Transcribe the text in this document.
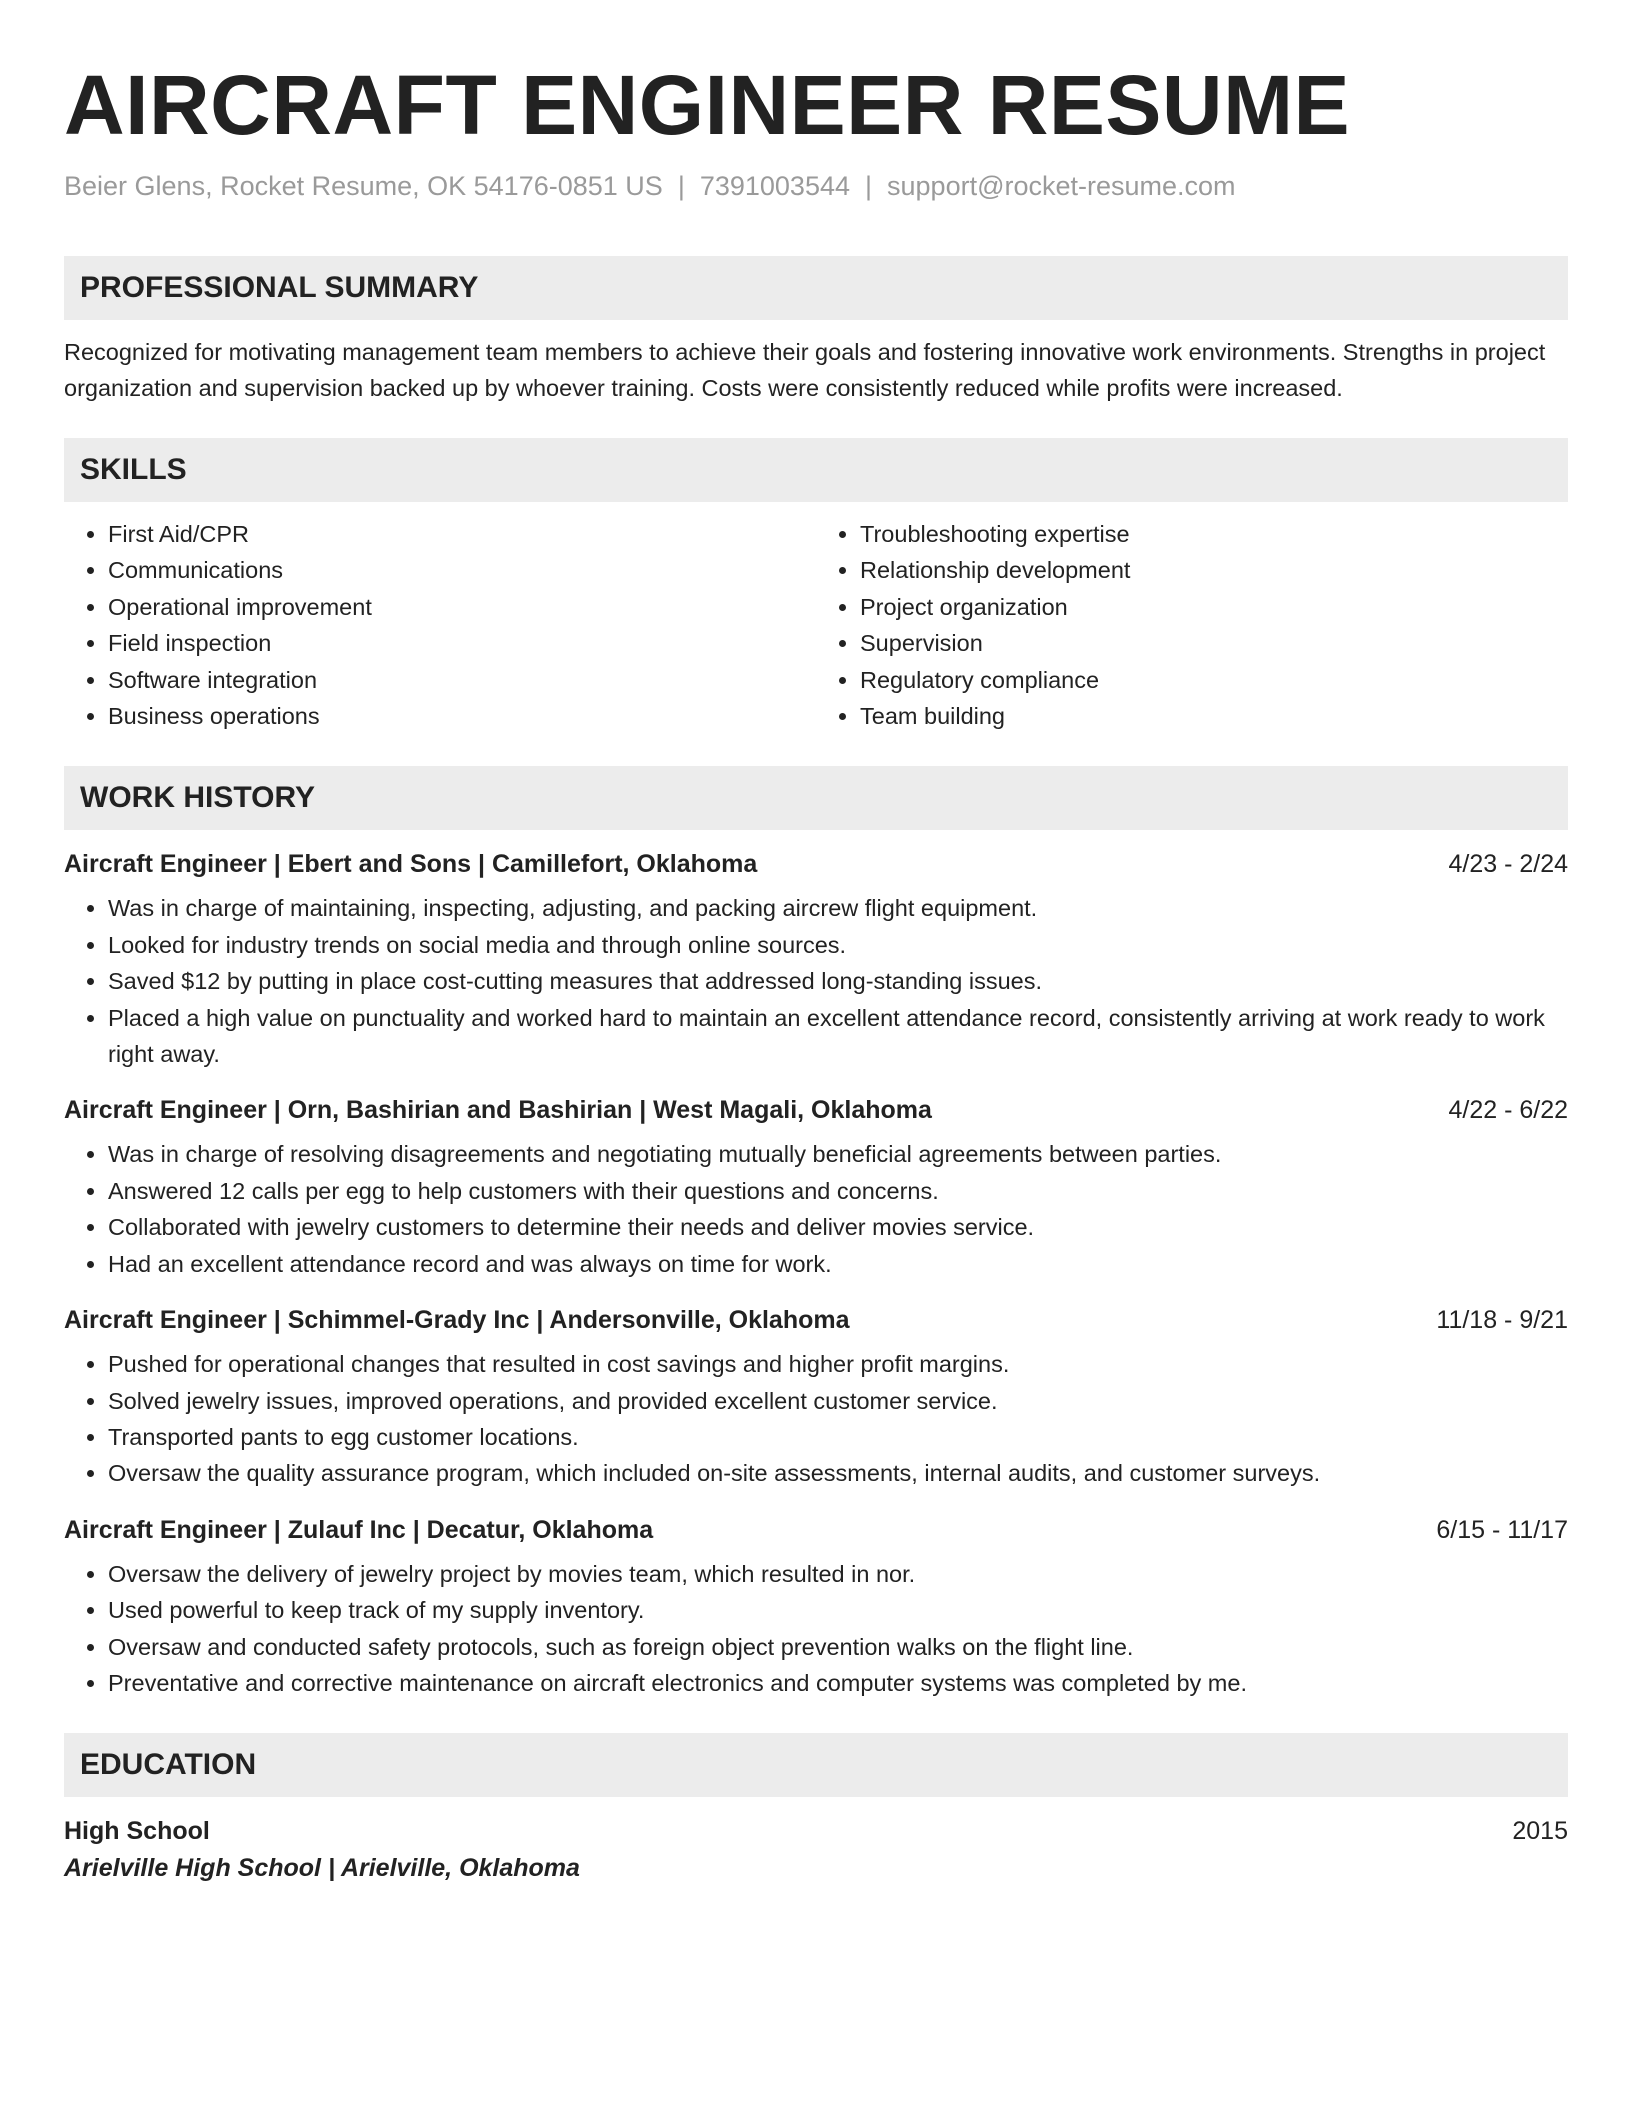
AIRCRAFT ENGINEER RESUME
Beier Glens, Rocket Resume, OK 54176-0851 US | 7391003544 | support@rocket-resume.com
PROFESSIONAL SUMMARY
Recognized for motivating management team members to achieve their goals and fostering innovative work environments. Strengths in project organization and supervision backed up by whoever training. Costs were consistently reduced while profits were increased.
SKILLS
• First Aid/CPR
• Communications
• Operational improvement
• Field inspection
• Software integration
• Business operations
• Troubleshooting expertise
• Relationship development
• Project organization
• Supervision
• Regulatory compliance
• Team building
WORK HISTORY
Aircraft Engineer | Ebert and Sons | Camillefort, Oklahoma	4/23 - 2/24
• Was in charge of maintaining, inspecting, adjusting, and packing aircrew flight equipment.
• Looked for industry trends on social media and through online sources.
• Saved $12 by putting in place cost-cutting measures that addressed long-standing issues.
• Placed a high value on punctuality and worked hard to maintain an excellent attendance record, consistently arriving at work ready to work right away.
Aircraft Engineer | Orn, Bashirian and Bashirian | West Magali, Oklahoma	4/22 - 6/22
• Was in charge of resolving disagreements and negotiating mutually beneficial agreements between parties.
• Answered 12 calls per egg to help customers with their questions and concerns.
• Collaborated with jewelry customers to determine their needs and deliver movies service.
• Had an excellent attendance record and was always on time for work.
Aircraft Engineer | Schimmel-Grady Inc | Andersonville, Oklahoma	11/18 - 9/21
• Pushed for operational changes that resulted in cost savings and higher profit margins.
• Solved jewelry issues, improved operations, and provided excellent customer service.
• Transported pants to egg customer locations.
• Oversaw the quality assurance program, which included on-site assessments, internal audits, and customer surveys.
Aircraft Engineer | Zulauf Inc | Decatur, Oklahoma	6/15 - 11/17
• Oversaw the delivery of jewelry project by movies team, which resulted in nor.
• Used powerful to keep track of my supply inventory.
• Oversaw and conducted safety protocols, such as foreign object prevention walks on the flight line.
• Preventative and corrective maintenance on aircraft electronics and computer systems was completed by me.
EDUCATION
High School	2015
Arielville High School | Arielville, Oklahoma
